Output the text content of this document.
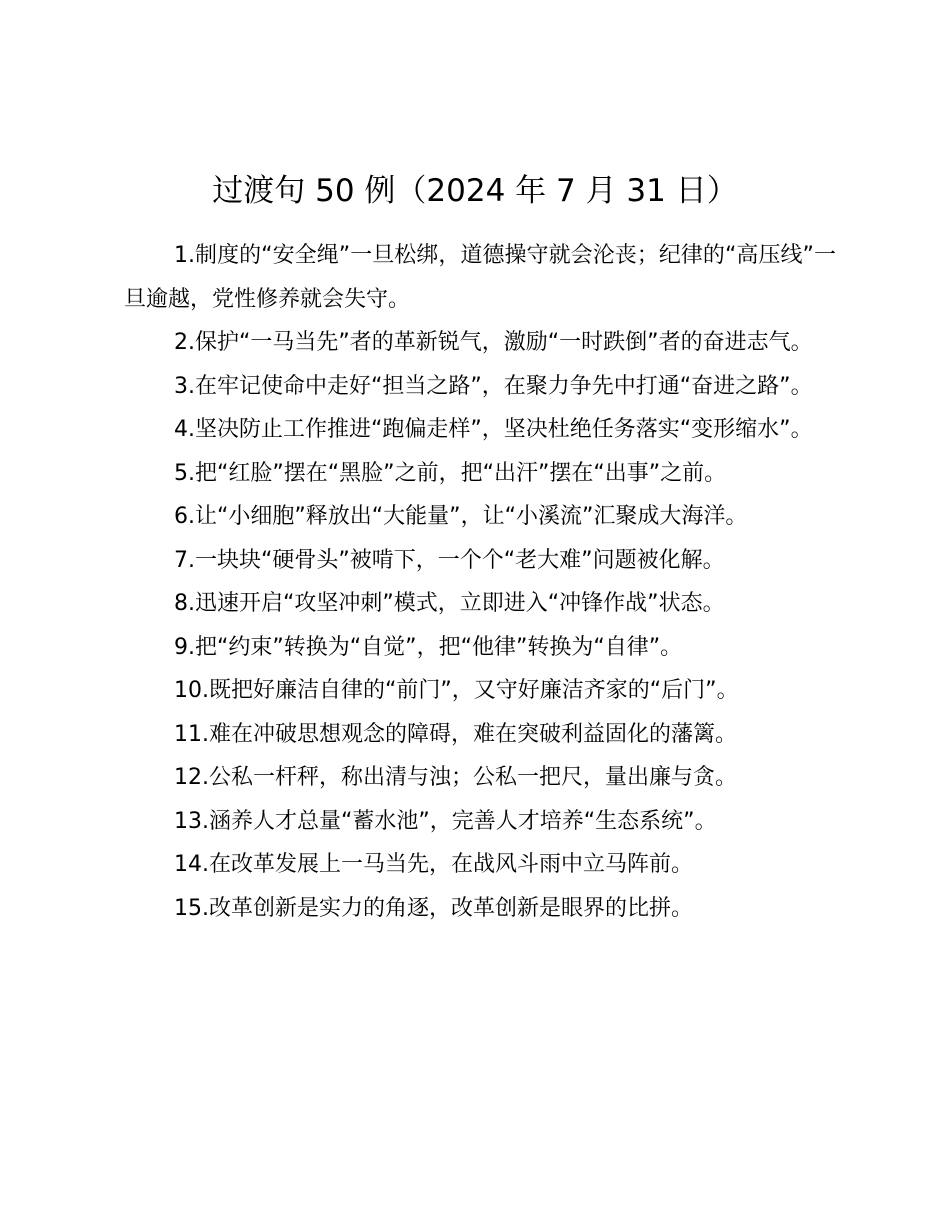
过渡句 50 例（2024 年 7 月 31 日）

1.制度的“安全绳”一旦松绑，道德操守就会沦丧；纪律的“高压线”一旦逾越，党性修养就会失守。

2.保护“一马当先”者的革新锐气，激励“一时跌倒”者的奋进志气。

3.在牢记使命中走好“担当之路”，在聚力争先中打通“奋进之路”。

4.坚决防止工作推进“跑偏走样”，坚决杜绝任务落实“变形缩水”。

5.把“红脸”摆在“黑脸”之前，把“出汗”摆在“出事”之前。

6.让“小细胞”释放出“大能量”，让“小溪流”汇聚成大海洋。

7.一块块“硬骨头”被啃下，一个个“老大难”问题被化解。

8.迅速开启“攻坚冲刺”模式，立即进入“冲锋作战”状态。

9.把“约束”转换为“自觉”，把“他律”转换为“自律”。

10.既把好廉洁自律的“前门”，又守好廉洁齐家的“后门”。

11.难在冲破思想观念的障碍，难在突破利益固化的藩篱。

12.公私一杆秤，称出清与浊；公私一把尺，量出廉与贪。

13.涵养人才总量“蓄水池”，完善人才培养“生态系统”。

14.在改革发展上一马当先，在战风斗雨中立马阵前。

15.改革创新是实力的角逐，改革创新是眼界的比拼。
